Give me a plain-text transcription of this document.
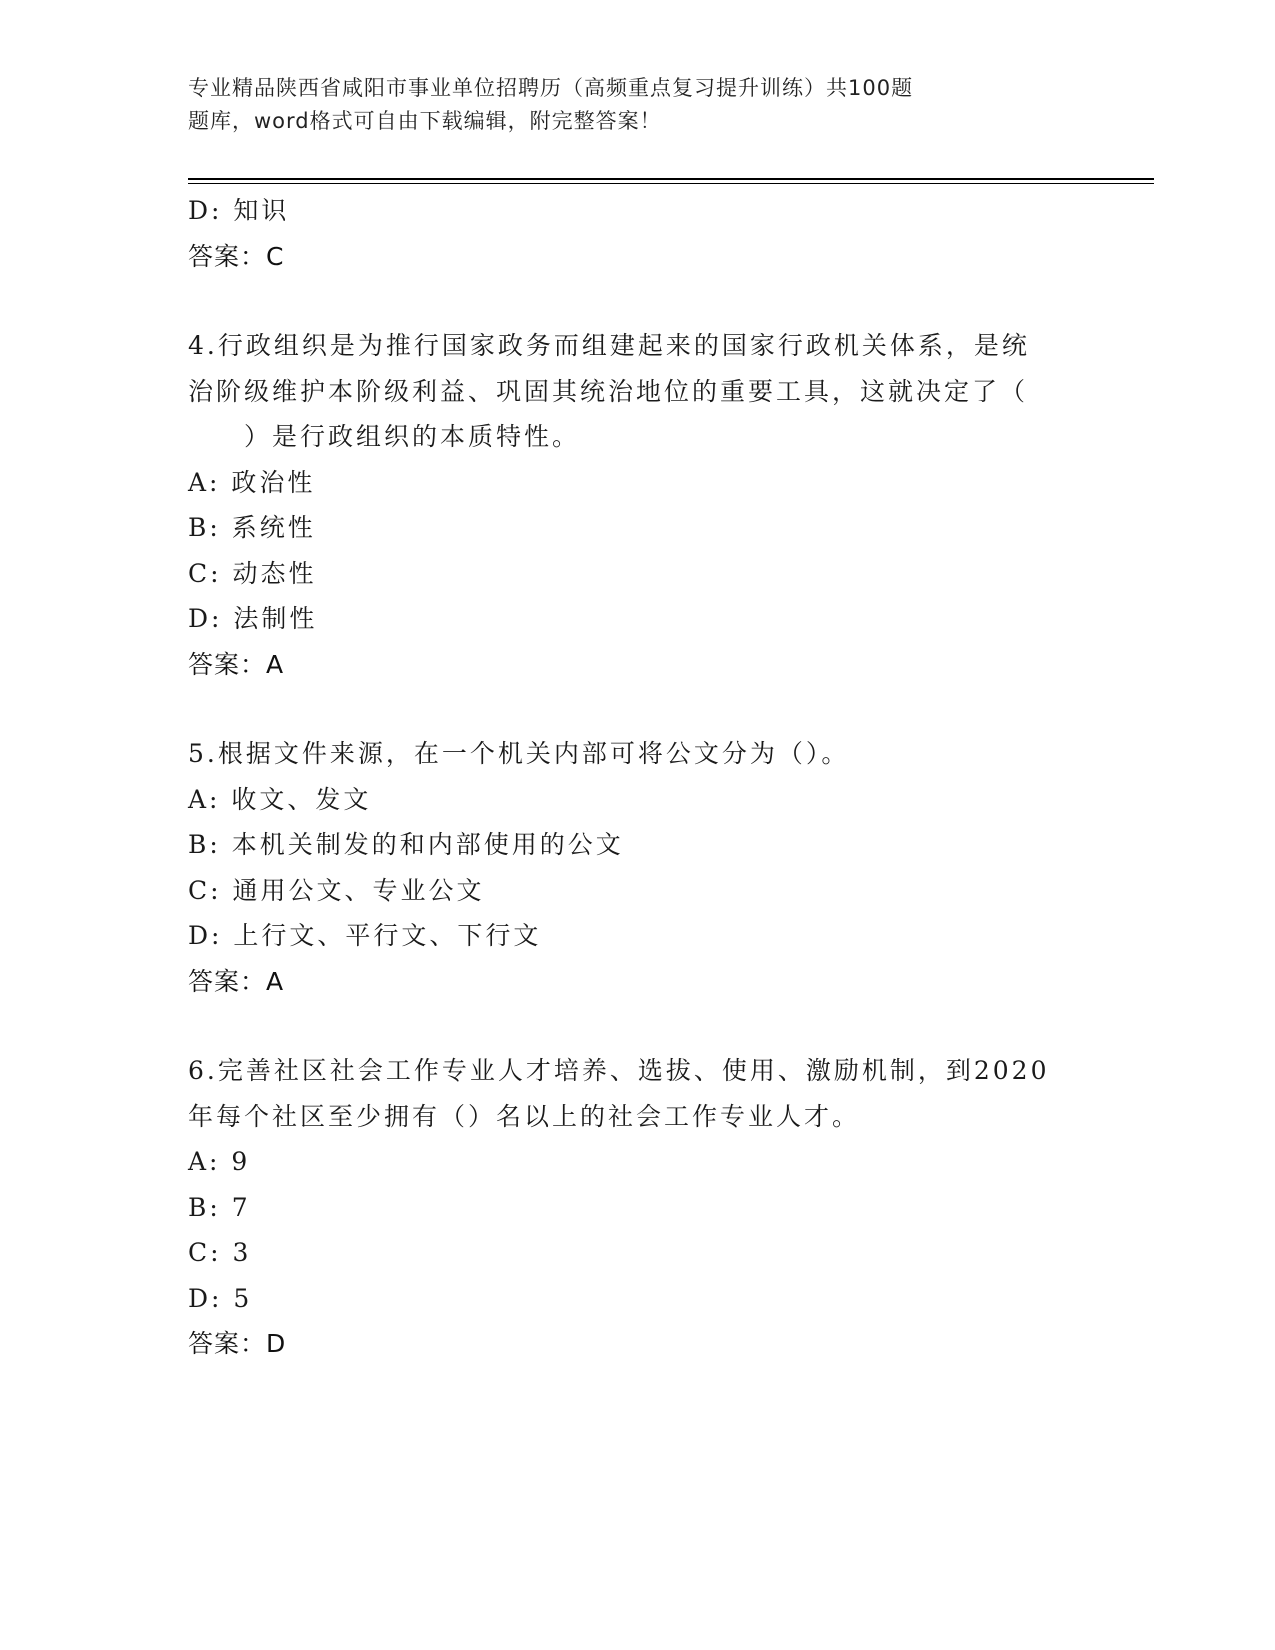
专业精品陕西省咸阳市事业单位招聘历（高频重点复习提升训练）共100题

题库，word格式可自由下载编辑，附完整答案！

D: 知识
答案：C
4.行政组织是为推行国家政务而组建起来的国家行政机关体系，是统
治阶级维护本阶级利益、巩固其统治地位的重要工具，这就决定了（
　　）是行政组织的本质特性。
A: 政治性
B: 系统性
C: 动态性
D: 法制性
答案：A
5.根据文件来源，在一个机关内部可将公文分为（）。
A: 收文、发文
B: 本机关制发的和内部使用的公文
C: 通用公文、专业公文
D: 上行文、平行文、下行文
答案：A
6.完善社区社会工作专业人才培养、选拔、使用、激励机制，到2020
年每个社区至少拥有（）名以上的社会工作专业人才。
A: 9
B: 7
C: 3
D: 5
答案：D
